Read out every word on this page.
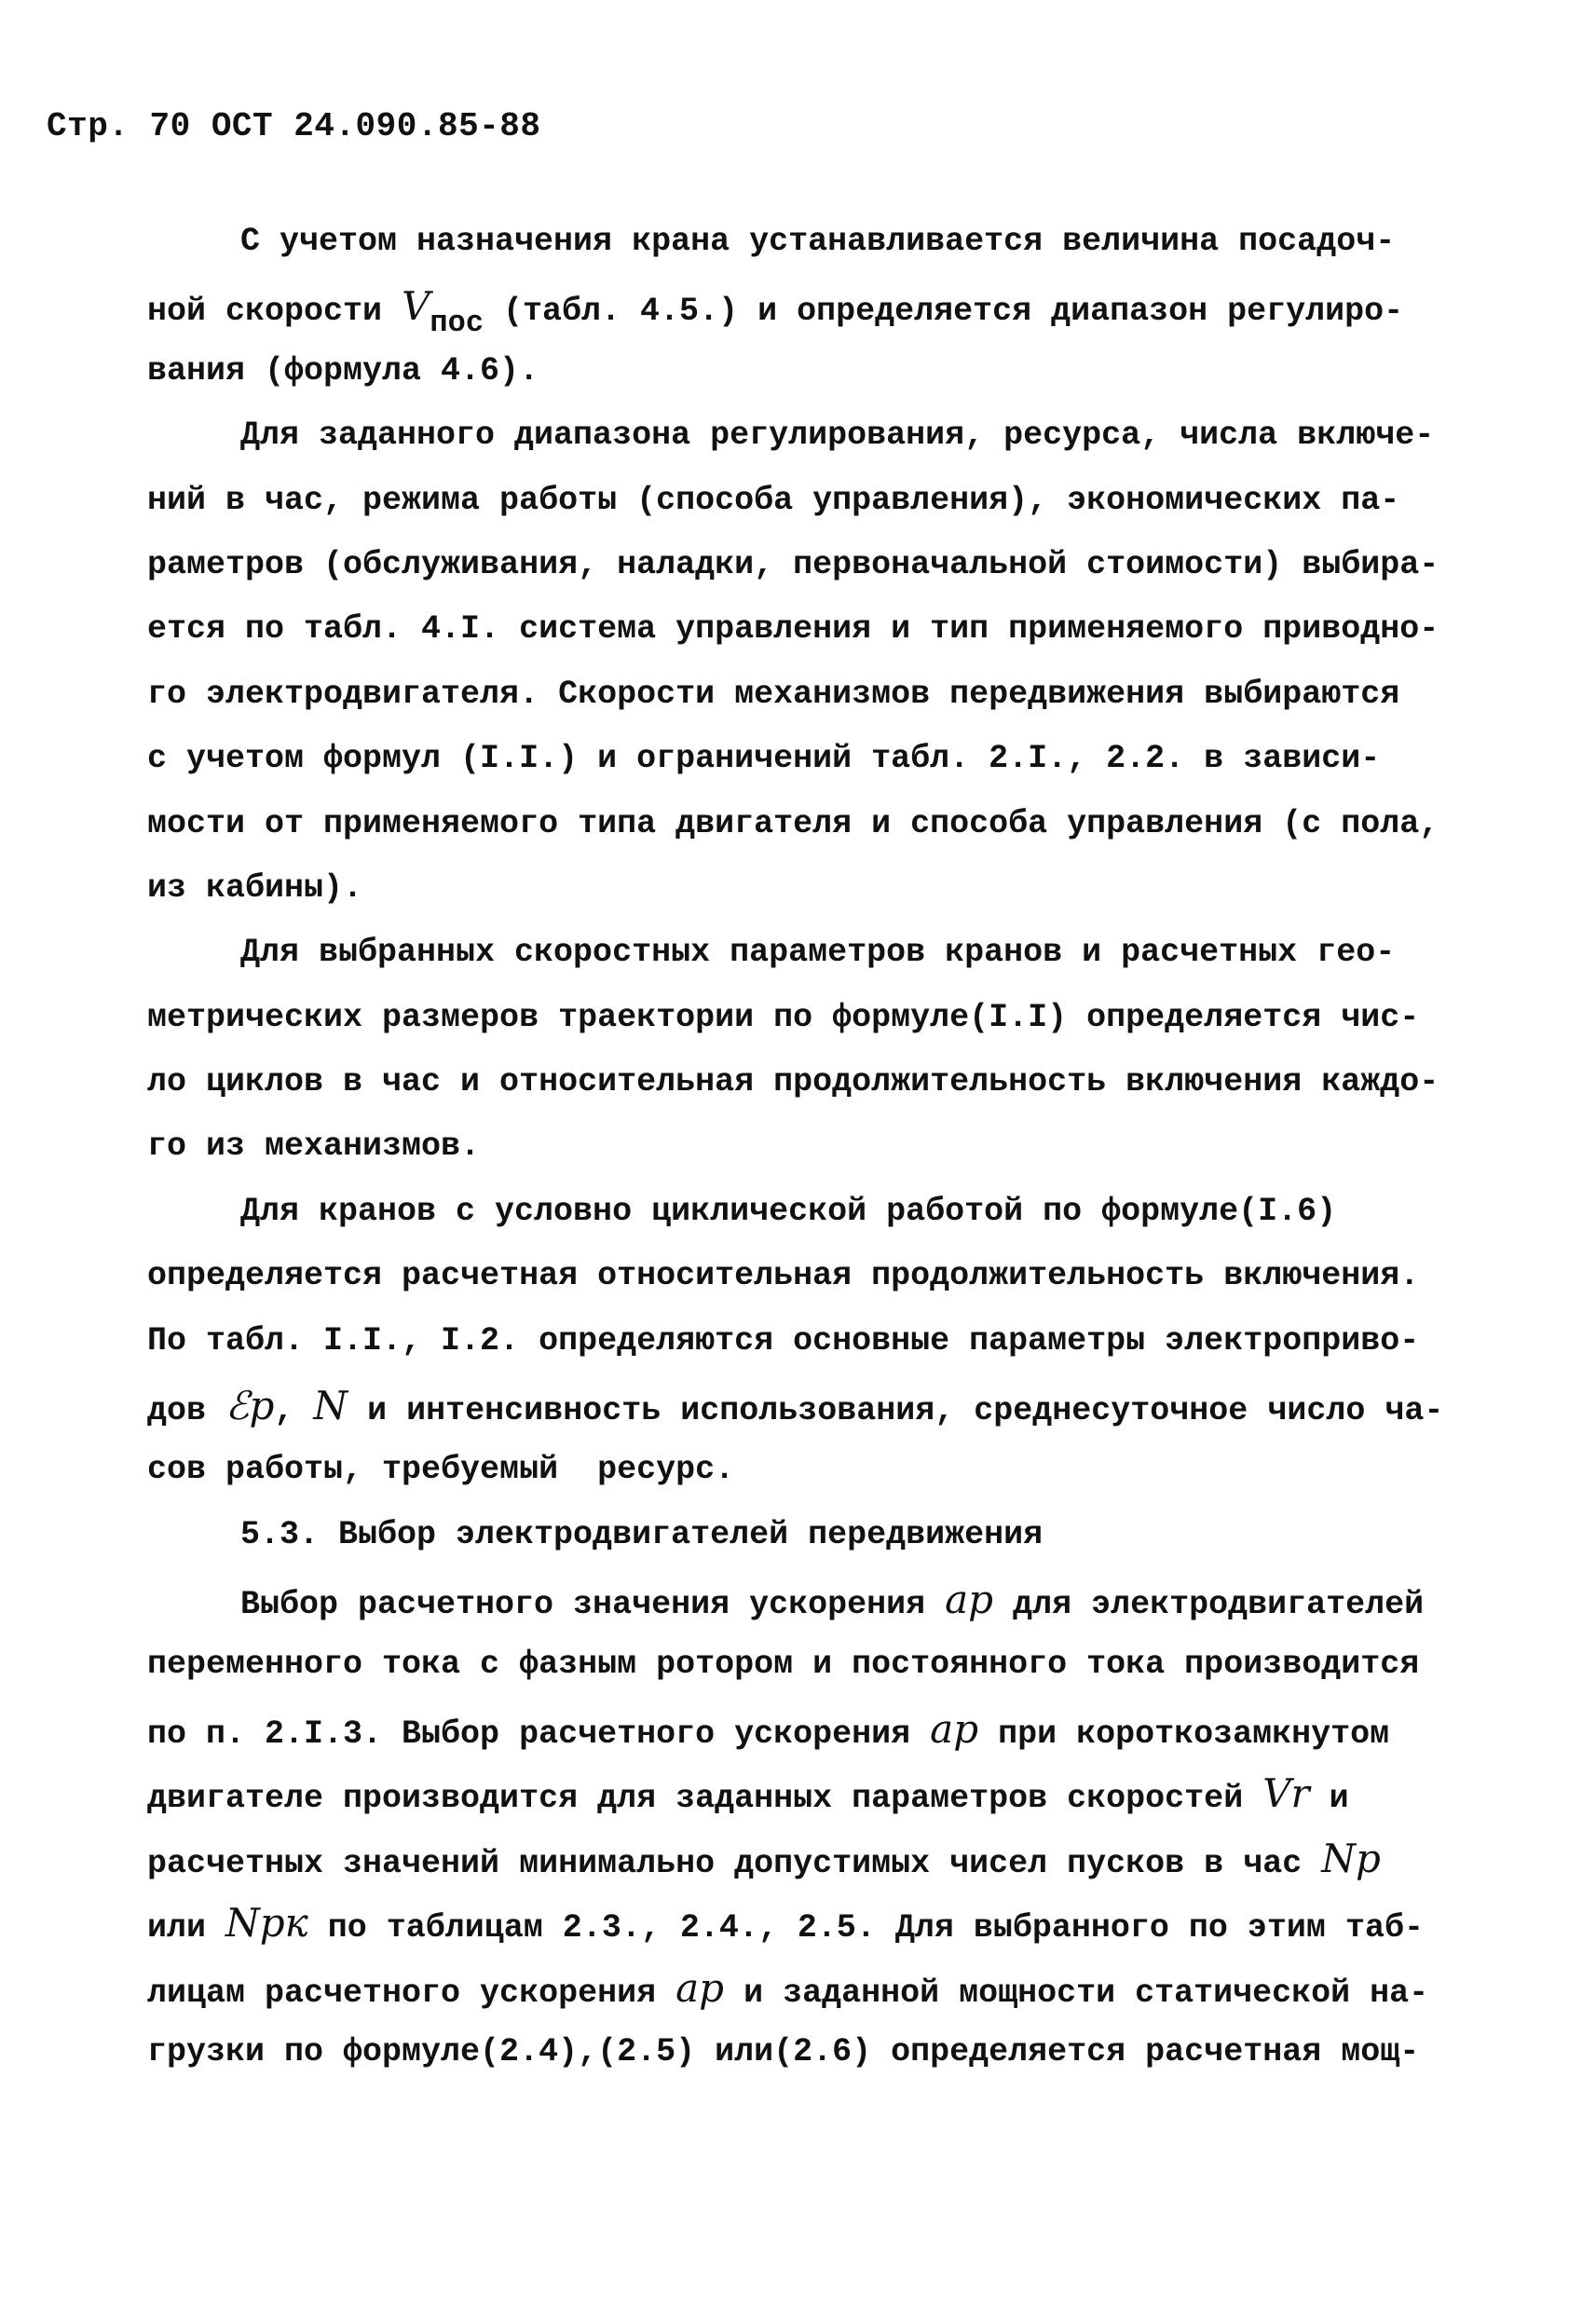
Стр. 70 ОСТ 24.090.85-88
С учетом назначения крана устанавливается величина посадоч-
ной скорости Vпос (табл. 4.5.) и определяется диапазон регулиро-
вания (формула 4.6).
Для заданного диапазона регулирования, ресурса, числа включе-
ний в час, режима работы (способа управления), экономических па-
раметров (обслуживания, наладки, первоначальной стоимости) выбира-
ется по табл. 4.I. система управления и тип применяемого приводно-
го электродвигателя. Скорости механизмов передвижения выбираются
с учетом формул (I.I.) и ограничений табл. 2.I., 2.2. в зависи-
мости от применяемого типа двигателя и способа управления (с пола,
из кабины).
Для выбранных скоростных параметров кранов и расчетных гео-
метрических размеров траектории по формуле(I.I) определяется чис-
ло циклов в час и относительная продолжительность включения каждо-
го из механизмов.
Для кранов с условно циклической работой по формуле(I.6)
определяется расчетная относительная продолжительность включения.
По табл. I.I., I.2. определяются основные параметры электроприво-
дов ℰp, N и интенсивность использования, среднесуточное число ча-
сов работы, требуемый  ресурс.
5.3. Выбор электродвигателей передвижения
Выбор расчетного значения ускорения ap для электродвигателей
переменного тока с фазным ротором и постоянного тока производится
по п. 2.I.3. Выбор расчетного ускорения ap при короткозамкнутом
двигателе производится для заданных параметров скоростей Vr и
расчетных значений минимально допустимых чисел пусков в час Np
или Npк по таблицам 2.3., 2.4., 2.5. Для выбранного по этим таб-
лицам расчетного ускорения ap и заданной мощности статической на-
грузки по формуле(2.4),(2.5) или(2.6) определяется расчетная мощ-
